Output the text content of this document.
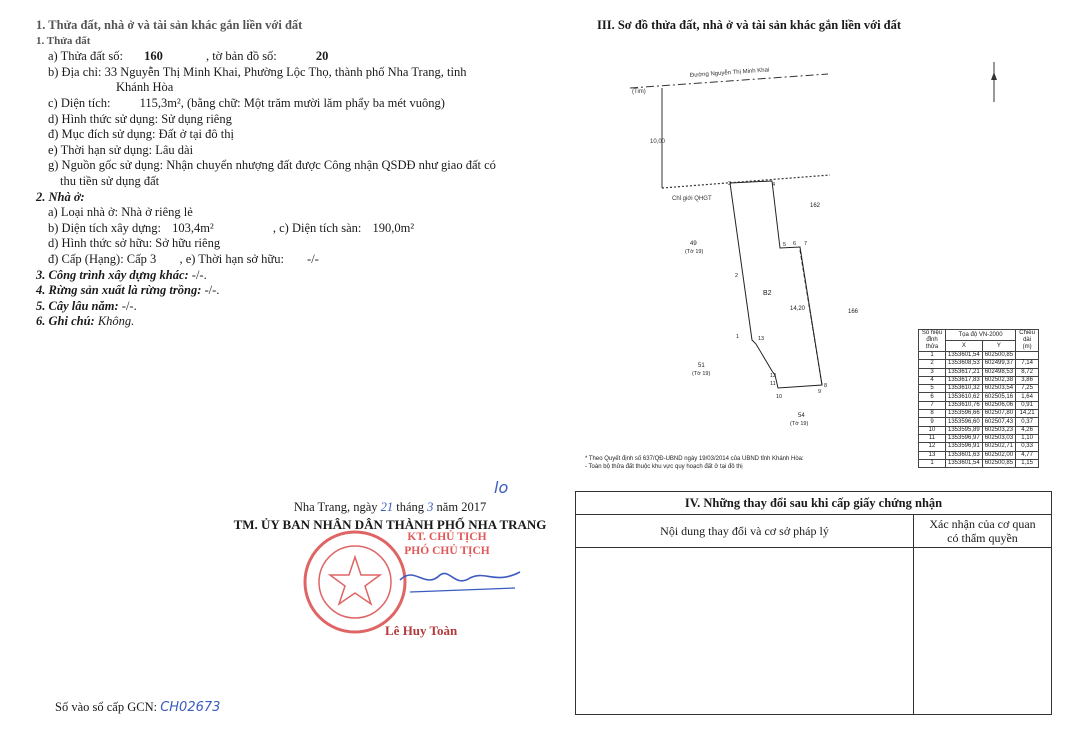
1. Thửa đất, nhà ở và tài sản khác gắn liền với đất
1. Thửa đất
a) Thửa đất số: 160	, tờ bản đồ số:	20
b) Địa chỉ: 33 Nguyễn Thị Minh Khai, Phường Lộc Thọ, thành phố Nha Trang, tỉnh
Khánh Hòa
c) Diện tích: 115,3m², (bằng chữ: Một trăm mười lăm phẩy ba mét vuông)
d) Hình thức sử dụng: Sử dụng riêng
đ) Mục đích sử dụng: Đất ở tại đô thị
e) Thời hạn sử dụng: Lâu dài
g) Nguồn gốc sử dụng: Nhận chuyển nhượng đất được Công nhận QSDĐ như giao đất có
thu tiền sử dụng đất
2. Nhà ở:
a) Loại nhà ở: Nhà ở riêng lẻ
b) Diện tích xây dựng: 103,4m²	, c) Diện tích sàn: 190,0m²
d) Hình thức sở hữu: Sở hữu riêng
đ) Cấp (Hạng): Cấp 3 , e) Thời hạn sở hữu: -/-
3. Công trình xây dựng khác: -/-.
4. Rừng sản xuất là rừng trồng: -/-.
5. Cây lâu năm: -/-.
6. Ghi chú: Không.
Nha Trang, ngày 21 tháng 3 năm 2017
TM. ỦY BAN NHÂN DÂN THÀNH PHỐ NHA TRANG
lo
KT. CHỦ TỊCH
PHÓ CHỦ TỊCH
Lê Huy Toàn
Số vào sổ cấp GCN: CH02673
III. Sơ đồ thửa đất, nhà ở và tài sản khác gắn liền với đất
Đường Nguyễn Thị Minh Khai
(Tim)
10,00
Chỉ giới QHGT
B2
14,20
162
166
49
(Tờ 19)
51
(Tờ 19)
54
(Tờ 19)
1
2
3	4
5 6 7
8
9
10
11
12
13
Số hiệu đỉnh thửa	Tọa độ VN-2000		Chiều dài (m)
	X	Y	
1	1353601,54	602500,85	
2	1353608,53	602499,37	7,14
3	1353617,21	602498,53	8,72
4	1353617,83	602502,38	3,86
5	1353610,32	602503,54	7,25
6	1353610,62	602505,16	1,64
7	1353610,76	602506,06	0,91
8	1353596,66	602507,80	14,21
9	1353596,60	602507,43	0,37
10	1353595,89	602503,23	4,26
11	1353596,97	602503,03	1,10
12	1353596,91	602502,71	0,33
13	1353601,63	602502,00	4,77
1	1353601,54	602500,85	1,15
* Theo Quyết định số 637/QĐ-UBND ngày 19/03/2014 của UBND tỉnh Khánh Hòa:
- Toàn bộ thửa đất thuộc khu vực quy hoạch đất ở tại đô thị
IV. Những thay đổi sau khi cấp giấy chứng nhận
Nội dung thay đổi và cơ sở pháp lý	Xác nhận của cơ quan
có thẩm quyền
